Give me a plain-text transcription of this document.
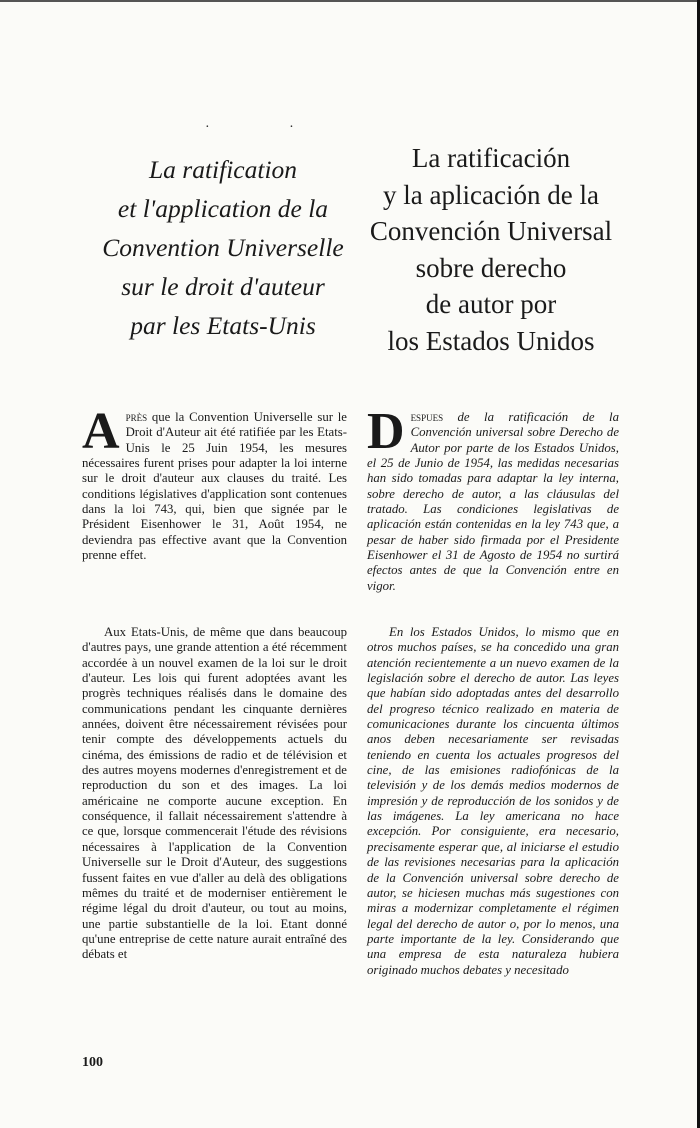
· ·
La ratification
et l'application de la
Convention Universelle
sur le droit d'auteur
par les Etats-Unis
La ratificación
y la aplicación de la
Convención Universal
sobre derecho
de autor por
los Estados Unidos

Après que la Convention Universelle sur le Droit d'Auteur ait été ratifiée par les Etats-Unis le 25 Juin 1954, les mesures nécessaires furent prises pour adapter la loi interne sur le droit d'auteur aux clauses du traité. Les conditions législatives d'application sont contenues dans la loi 743, qui, bien que signée par le Président Eisenhower le 31, Août 1954, ne deviendra pas effective avant que la Convention prenne effet.

Aux Etats-Unis, de même que dans beaucoup d'autres pays, une grande attention a été récemment accordée à un nouvel examen de la loi sur le droit d'auteur. Les lois qui furent adoptées avant les progrès techniques réalisés dans le domaine des communications pendant les cinquante dernières années, doivent être nécessairement révisées pour tenir compte des développements actuels du cinéma, des émissions de radio et de télévision et des autres moyens modernes d'enregistrement et de reproduction du son et des images. La loi américaine ne comporte aucune exception. En conséquence, il fallait nécessairement s'attendre à ce que, lorsque commencerait l'étude des révisions nécessaires à l'application de la Convention Universelle sur le Droit d'Auteur, des suggestions fussent faites en vue d'aller au delà des obligations mêmes du traité et de moderniser entièrement le régime légal du droit d'auteur, ou tout au moins, une partie substantielle de la loi. Etant donné qu'une entreprise de cette nature aurait entraîné des débats et

Despues de la ratificación de la Convención universal sobre Derecho de Autor por parte de los Estados Unidos, el 25 de Junio de 1954, las medidas necesarias han sido tomadas para adaptar la ley interna, sobre derecho de autor, a las cláusulas del tratado. Las condiciones legislativas de aplicación están contenidas en la ley 743 que, a pesar de haber sido firmada por el Presidente Eisenhower el 31 de Agosto de 1954 no surtirá efectos antes de que la Convención entre en vigor.

En los Estados Unidos, lo mismo que en otros muchos países, se ha concedido una gran atención recientemente a un nuevo examen de la legislación sobre el derecho de autor. Las leyes que habían sido adoptadas antes del desarrollo del progreso técnico realizado en materia de comunicaciones durante los cincuenta últimos anos deben necesariamente ser revisadas teniendo en cuenta los actuales progresos del cine, de las emisiones radiofónicas de la televisión y de los demás medios modernos de impresión y de reproducción de los sonidos y de las imágenes. La ley americana no hace excepción. Por consiguiente, era necesario, precisamente esperar que, al iniciarse el estudio de las revisiones necesarias para la aplicación de la Convención universal sobre derecho de autor, se hiciesen muchas más sugestiones con miras a modernizar completamente el régimen legal del derecho de autor o, por lo menos, una parte importante de la ley. Considerando que una empresa de esta naturaleza hubiera originado muchos debates y necesitado

100
